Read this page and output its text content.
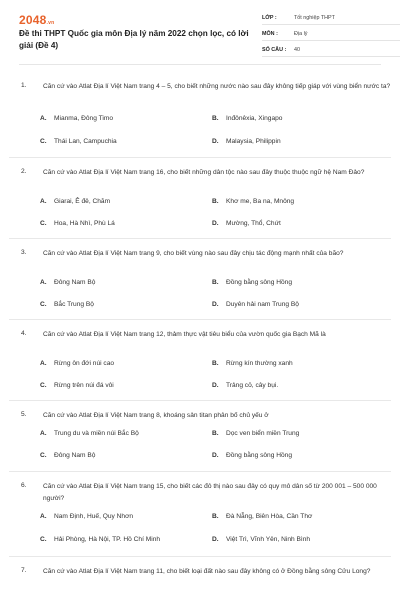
2048.vn
Đề thi THPT Quốc gia môn Địa lý năm 2022 chọn lọc, có lời giải (Đề 4)
LỚP :	Tốt nghiệp THPT
MÔN :	Địa lý
SỐ CÂU :	40
1.	Căn cứ vào Atlat Địa lí Việt Nam trang 4 – 5, cho biết những nước nào sau đây không tiếp giáp với vùng biển nước ta?
A. Mianma, Đông Timo	B. Inđônêxia, Xingapo
C. Thái Lan, Campuchia	D. Malaysia, Philippin
2.	Căn cứ vào Atlat Địa lí Việt Nam trang 16, cho biết những dân tộc nào sau đây thuộc thuộc ngữ hệ Nam Đảo?
A. Giarai, Ê đê, Chăm	B. Khơ me, Ba na, Mnông
C. Hoa, Hà Nhì, Phù Lá	D. Mường, Thổ, Chứt
3.	Căn cứ vào Atlat Địa lí Việt Nam trang 9, cho biết vùng nào sau đây chịu tác động mạnh nhất của bão?
A. Đông Nam Bộ	B. Đồng bằng sông Hồng
C. Bắc Trung Bộ	D. Duyên hải nam Trung Bộ
4.	Căn cứ vào Atlat Địa lí Việt Nam trang 12, thảm thực vật tiêu biểu của vườn quốc gia Bạch Mã là
A. Rừng ôn đới núi cao	B. Rừng kín thường xanh
C. Rừng trên núi đá vôi	D. Trảng cỏ, cây bụi.
5.	Căn cứ vào Atlat Địa lí Việt Nam trang 8, khoáng sản titan phân bố chủ yếu ở
A. Trung du và miền núi Bắc Bộ	B. Dọc ven biển miền Trung
C. Đông Nam Bộ	D. Đồng bằng sông Hồng
6.	Căn cứ vào Atlat Địa lí Việt Nam trang 15, cho biết các đô thị nào sau đây có quy mô dân số từ 200 001 – 500 000 người?
A. Nam Định, Huế, Quy Nhơn	B. Đà Nẵng, Biên Hòa, Cần Thơ
C. Hải Phòng, Hà Nội, TP. Hồ Chí Minh	D. Việt Trì, Vĩnh Yên, Ninh Bình
7.	Căn cứ vào Atlat Địa lí Việt Nam trang 11, cho biết loại đất nào sau đây không có ở Đồng bằng sông Cửu Long?
